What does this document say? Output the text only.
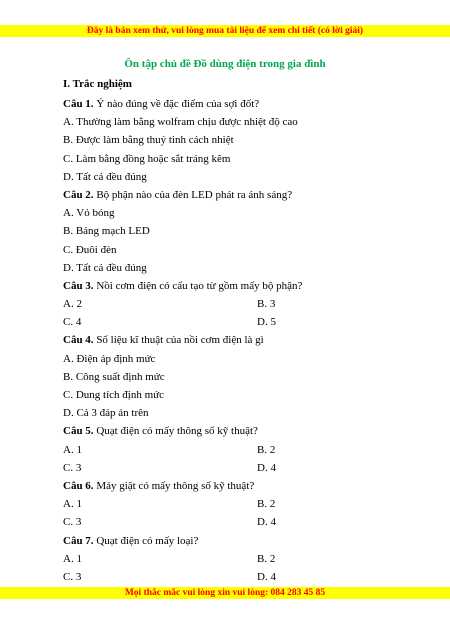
Đây là bản xem thử, vui lòng mua tài liệu để xem chi tiết (có lời giải)
Ôn tập chủ đề Đồ dùng điện trong gia đình
I. Trắc nghiệm
Câu 1. Ý nào đúng về đặc điểm của sợi đốt?
A. Thường làm bằng wolfram chịu được nhiệt độ cao
B. Được làm bằng thuỷ tinh cách nhiệt
C. Làm bằng đồng hoặc sắt tráng kẽm
D. Tất cả đều đúng
Câu 2. Bộ phận nào của đèn LED phát ra ánh sáng?
A. Vỏ bóng
B. Bảng mạch LED
C. Đuôi đèn
D. Tất cả đều đúng
Câu 3. Nồi cơm điện có cấu tạo từ gồm mấy bộ phận?
A. 2	B. 3
C. 4	D. 5
Câu 4. Số liệu kĩ thuật của nồi cơm điện là gì
A. Điện áp định mức
B. Công suất định mức
C. Dung tích định mức
D. Cả 3 đáp án trên
Câu 5. Quạt điện có mấy thông số kỹ thuật?
A. 1	B. 2
C. 3	D. 4
Câu 6. Máy giặt có mấy thông số kỹ thuật?
A. 1	B. 2
C. 3	D. 4
Câu 7. Quạt điện có mấy loại?
A. 1	B. 2
C. 3	D. 4
Mọi thắc mắc vui lòng xin vui lòng: 084 283 45 85
